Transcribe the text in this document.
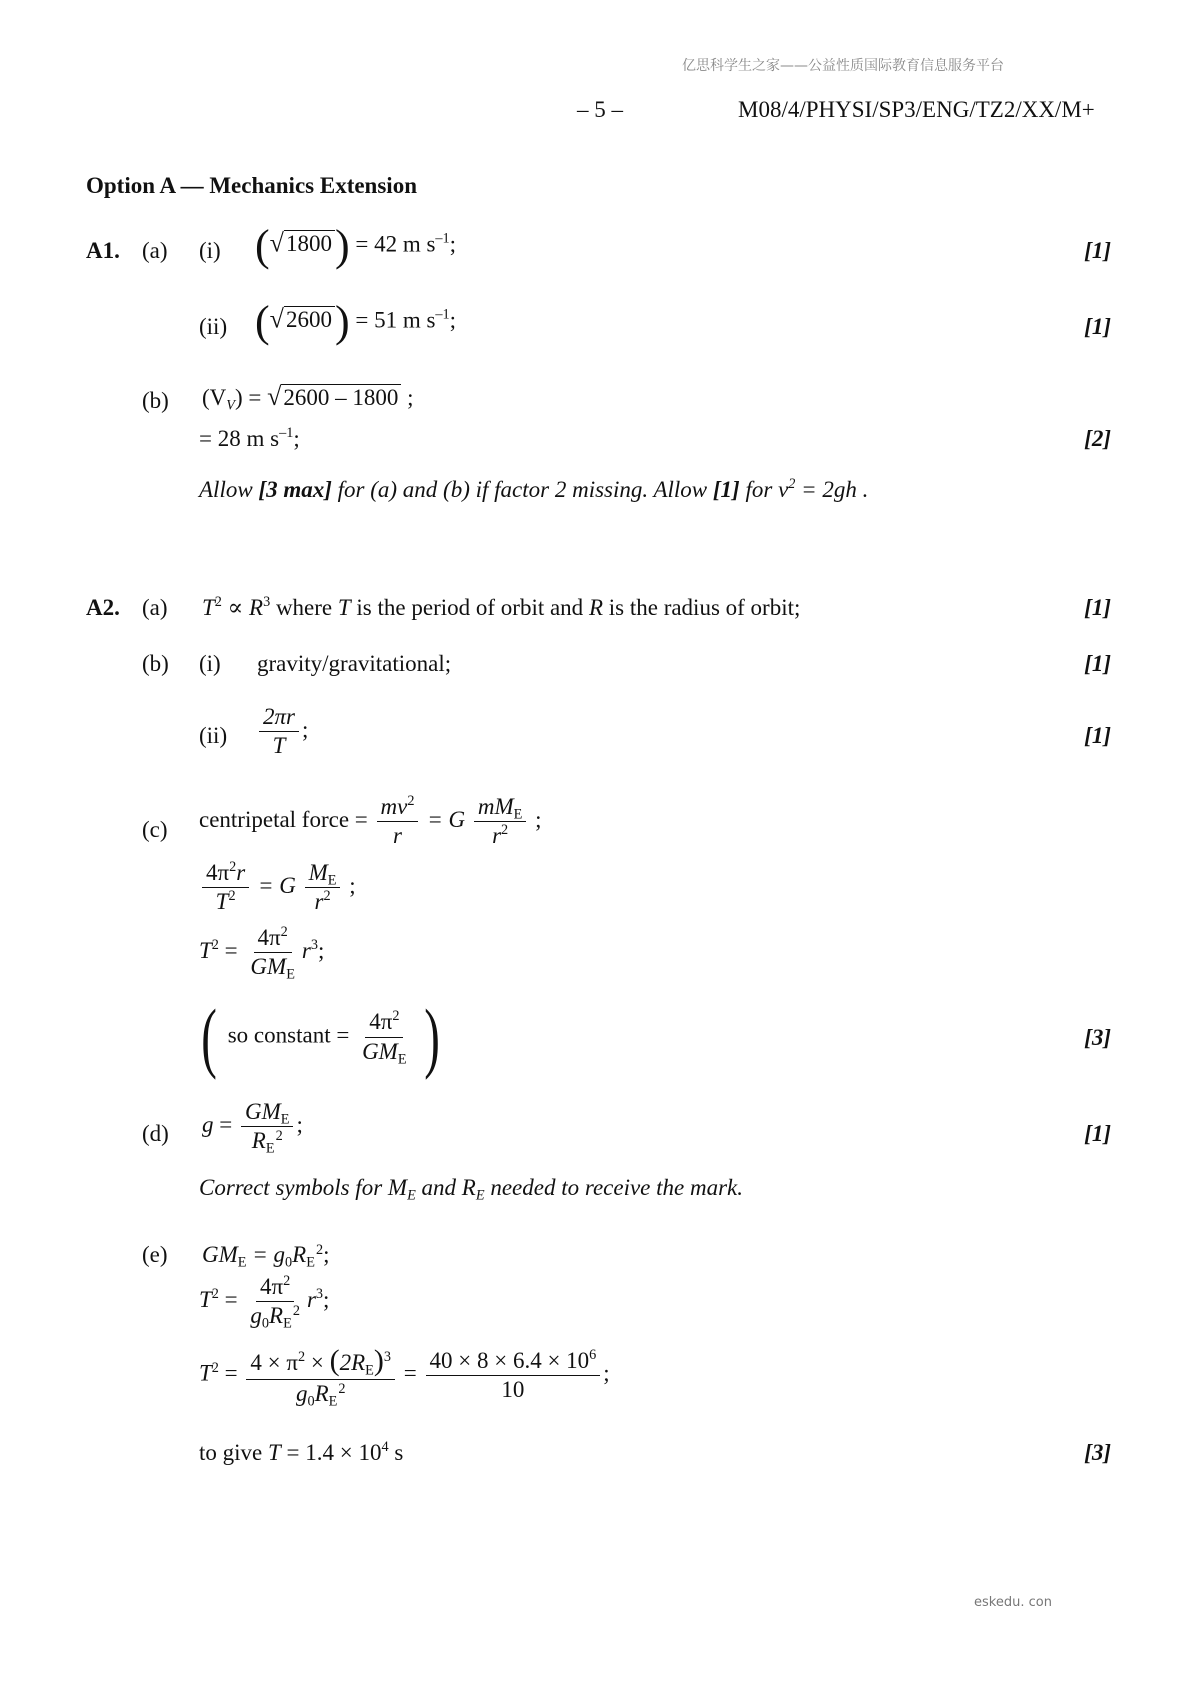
亿思科学生之家——公益性质国际教育信息服务平台
– 5 –	M08/4/PHYSI/SP3/ENG/TZ2/XX/M+
Option A — Mechanics Extension
A1. (a) (i) (√1800) = 42 m $s^{-1}$;	[1]
(ii) (√2600) = 51 m $s^{-1}$;	[1]
(b) $(V_V) = √2600 - 1800$ ;
= 28 m $s^{-1}$;	[2]
Allow [3 max] for (a) and (b) if factor 2 missing. Allow [1] for $v^2 = 2gh$ .
A2. (a) $T^2 \propto R^3$ where T is the period of orbit and R is the radius of orbit;	[1]
(b) (i) gravity/gravitational;	[1]
$(ii) \frac{2\pi r}{T}$ ;	[1]
(c) centripetal force = $\frac{mv^2}{r} = G \frac{mM_E}{r^2}$ ;
$\frac{4\pi^2r}{T^2} = G \frac{M_E}{r^2}$ ;
$T^2 = \frac{4\pi^2}{GM_E} r^3$;
( so constant = $\frac{4\pi^2}{GM_E}$ )	[3]
(d) $g = \frac{GM_E}{R_E^2}$ ;	[1]
Correct symbols for $M_E$ and $R_E$ needed to receive the mark.
(e) $GM_E = g_0R_E^2$;
$T^2 = \frac{4\pi^2}{g_0R_E^2} r^3$;
$T^2 = \frac{4 \times \pi^2 \times (2R_E)^3}{g_0R_E^2} = \frac{40 \times 8 \times 6.4 \times 10^6}{10}$ ;
to give $T = 1.4 \times 10^4$ s	[3]
eskedu. con
